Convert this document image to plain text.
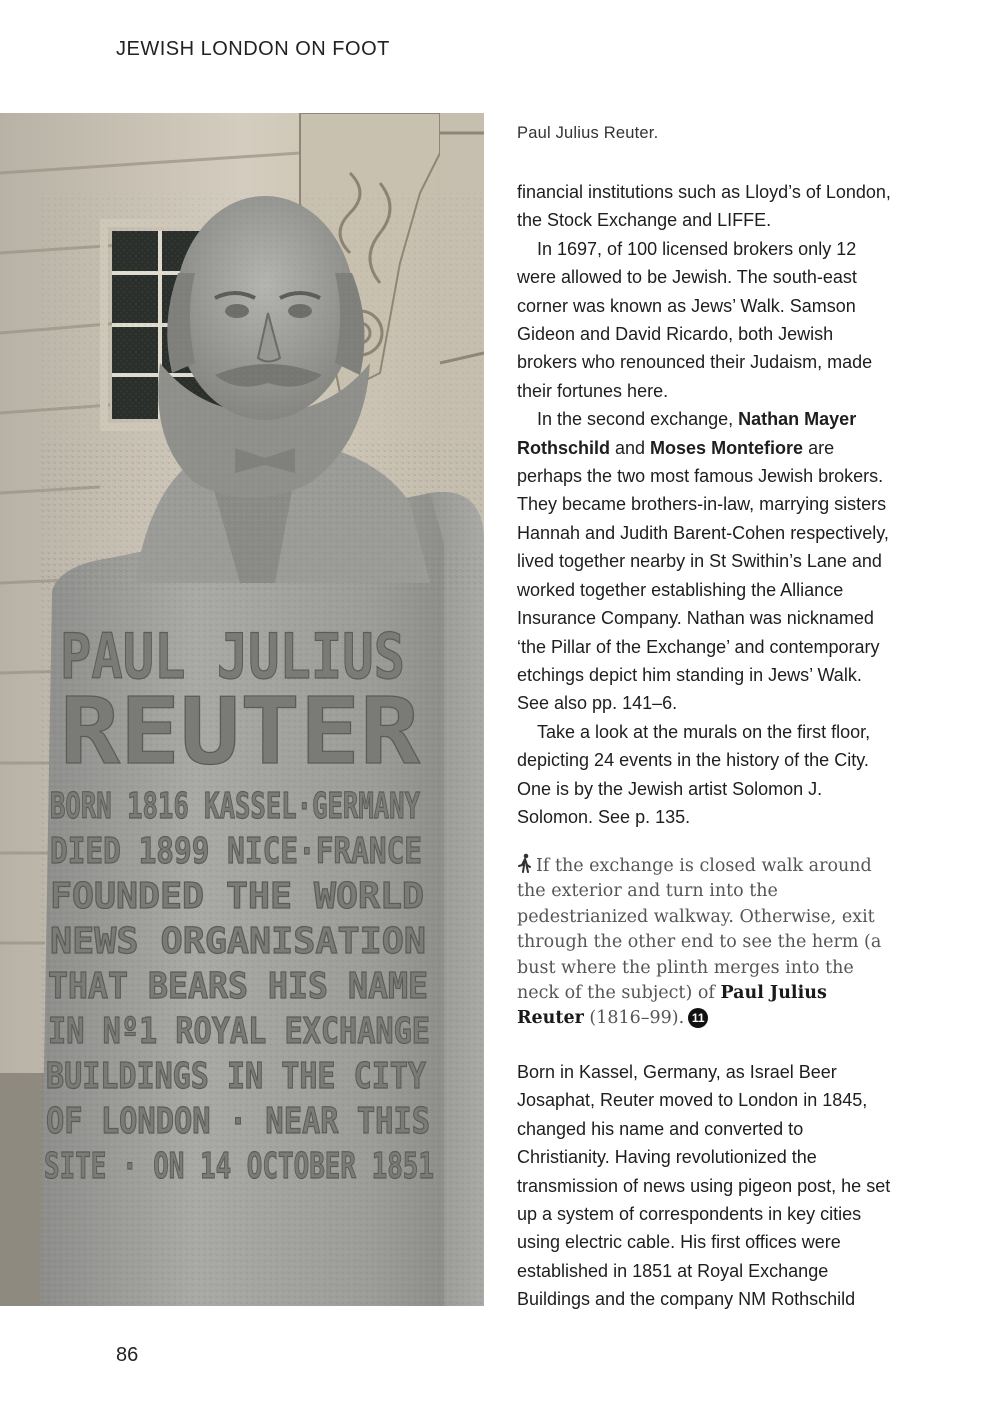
JEWISH LONDON ON FOOT
PAUL JULIUS
REUTER
BORN 1816 KASSEL·GERMANY
DIED 1899 NICE·FRANCE
FOUNDED THE WORLD
NEWS ORGANISATION
THAT BEARS HIS NAME
IN Nº1 ROYAL EXCHANGE
BUILDINGS IN THE CITY
OF LONDON · NEAR THIS
SITE · ON 14 OCTOBER 1851
Paul Julius Reuter.

financial institutions such as Lloyd’s of London, the Stock Exchange and LIFFE.

In 1697, of 100 licensed brokers only 12 were allowed to be Jewish. The south-east corner was known as Jews’ Walk. Samson Gideon and David Ricardo, both Jewish brokers who renounced their Judaism, made their fortunes here.

In the second exchange, Nathan Mayer Rothschild and Moses Montefiore are perhaps the two most famous Jewish brokers. They became brothers-in-law, marrying sisters Hannah and Judith Barent-Cohen respectively, lived together nearby in St Swithin’s Lane and worked together establishing the Alliance Insurance Company. Nathan was nicknamed ‘the Pillar of the Exchange’ and contemporary etchings depict him standing in Jews’ Walk. See also pp. 141–6.

Take a look at the murals on the first floor, depicting 24 events in the history of the City. One is by the Jewish artist Solomon J. Solomon. See p. 135.

If the exchange is closed walk around the exterior and turn into the pedestrianized walkway. Otherwise, exit through the other end to see the herm (a bust where the plinth merges into the neck of the subject) of Paul Julius Reuter (1816–99). 11

Born in Kassel, Germany, as Israel Beer Josaphat, Reuter moved to London in 1845, changed his name and converted to Christianity. Having revolutionized the transmission of news using pigeon post, he set up a system of correspondents in key cities using electric cable. His first offices were established in 1851 at Royal Exchange Buildings and the company NM Rothschild

86
